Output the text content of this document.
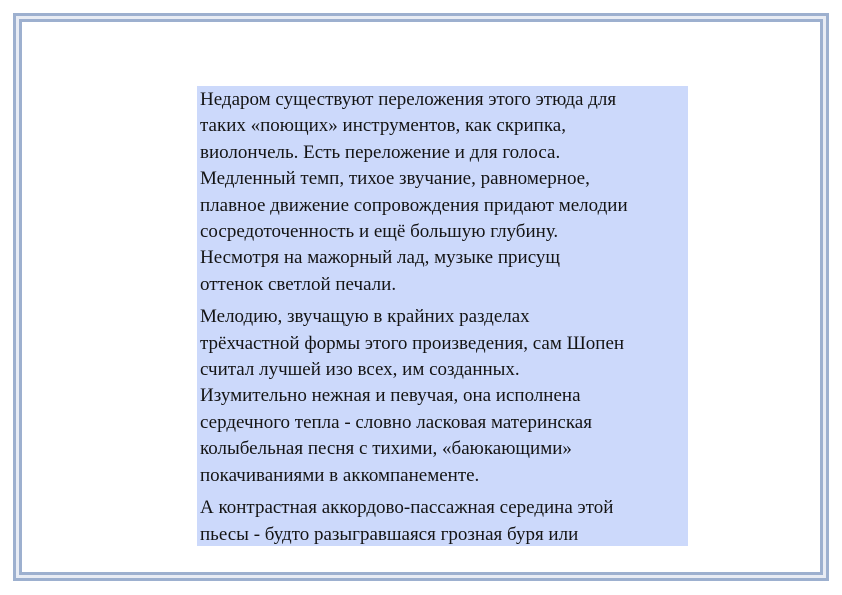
Недаром существуют переложения этого этюда для
таких «поющих» инструментов, как скрипка,
виолончель. Есть переложение и для голоса.
Медленный темп, тихое звучание, равномерное,
плавное движение сопровождения придают мелодии
сосредоточенность и ещё большую глубину.
Несмотря на мажорный лад, музыке присущ
оттенок светлой печали.

Мелодию, звучащую в крайних разделах
трёхчастной формы этого произведения, сам Шопен
считал лучшей изо всех, им созданных.
Изумительно нежная и певучая, она исполнена
сердечного тепла - словно ласковая материнская
колыбельная песня с тихими, «баюкающими»
покачиваниями в аккомпанементе.

А контрастная аккордово-пассажная середина этой
пьесы - будто разыгравшаяся грозная буря или
